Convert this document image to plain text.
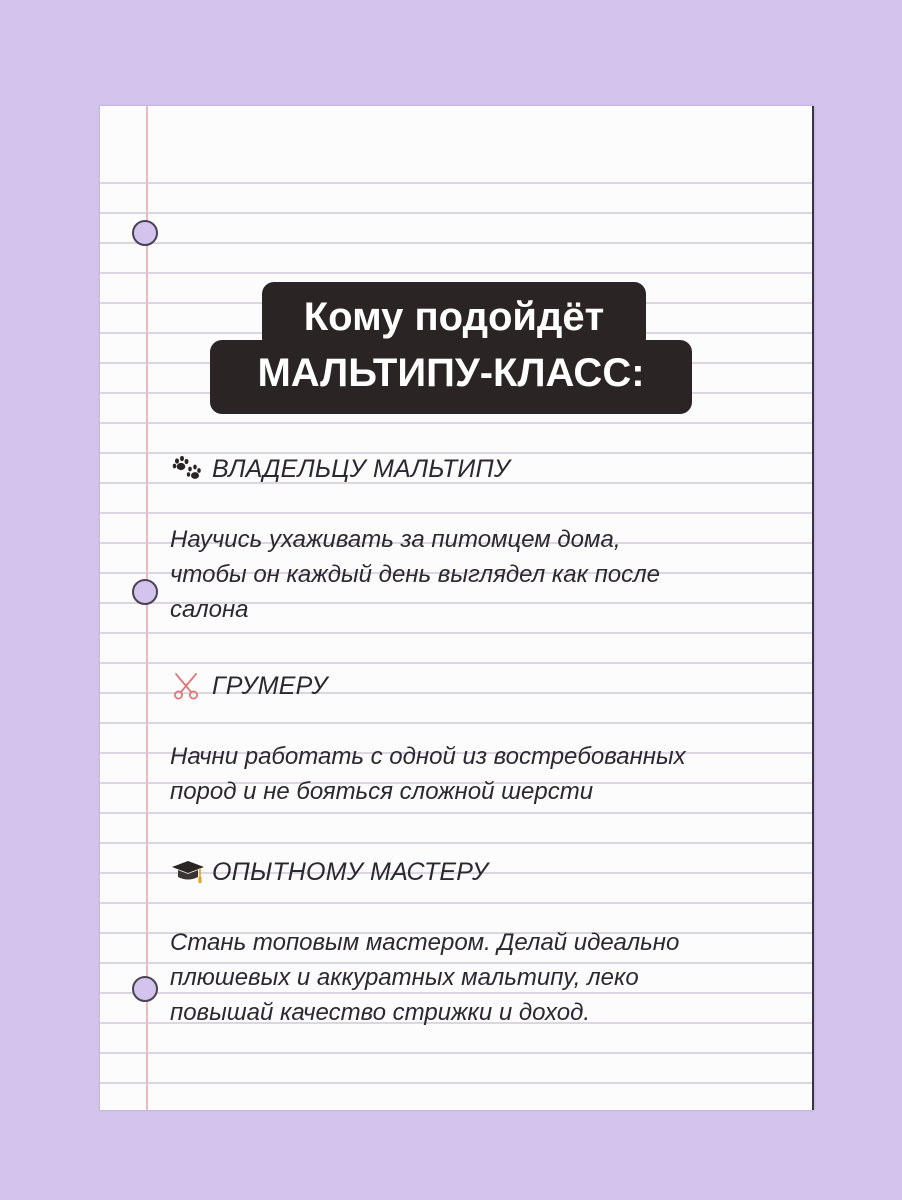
Кому подойдёт
МАЛЬТИПУ-КЛАСС:
ВЛАДЕЛЬЦУ МАЛЬТИПУ
Научись ухаживать за питомцем дома,
чтобы он каждый день выглядел как после
салона
ГРУМЕРУ
Начни работать с одной из востребованных
пород и не бояться сложной шерсти
ОПЫТНОМУ МАСТЕРУ
Стань топовым мастером. Делай идеально
плюшевых и аккуратных мальтипу, леко
повышай качество стрижки и доход.
